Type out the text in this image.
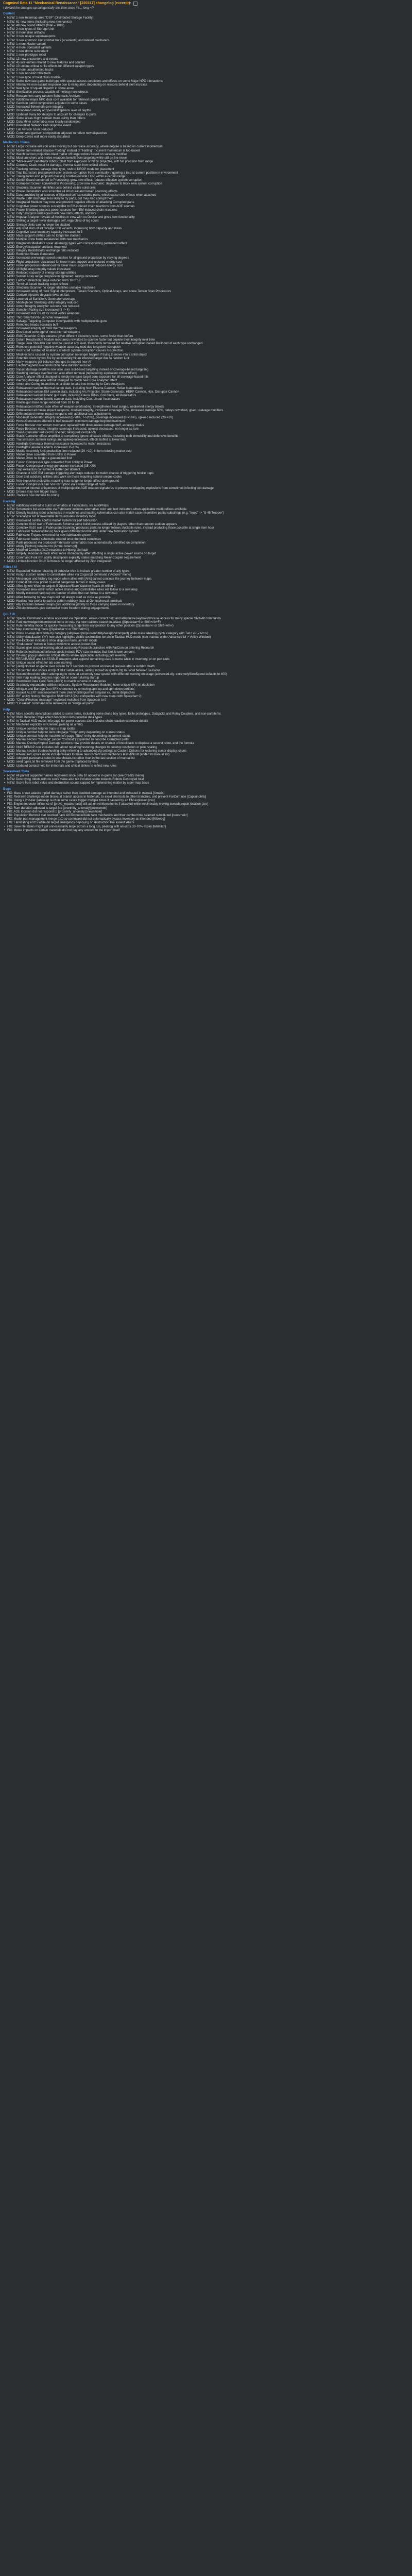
Cogmind Beta 11 "Mechanical Renaissance" [220317] changelog (excerpt):
I divided the changes up categorically this time since it's... long =P
Content
• NEW: 1 new Intermap area "DSF" (Distributed Storage Facility)
• NEW: 61 new items (including new mechanics)
• NEW: 49 new sound effects (total = 1086)
• NEW: 2 new types of Storage Unit
• NEW: 8 more alien artifacts
• NEW: 3 new unique superweapons
• NEW: 3 new common Unit combat bots (4 variants) and related mechanics
• NEW: 1 more Hauler variant
• NEW: 4 more Specialist variants
• NEW: 1 new drone subvariant
• NEW: 1 new prototype robot
• NEW: 13 new encounters and events
• NEW: 45 lore entries related to new features and content
• NEW: 10 unique critical strike effects for different weapon types
• NEW: 3 more unauthorized hacks
• NEW: 1 new non-NP robot hack
• NEW: 1 new type of build class modifier
• NEW: Some new late-game build type with special access conditions and effects on some Major NPC interactions
• NEW: Alternative non-assault response due to rising alert, depending on reasons behind alert increase
• NEW: New type of squad dispatch in some areas
• NEW: Sterilization process capable of melting more objects
• NEW: Researchers carry random Schematic Archives
• NEW: Additional major NPC data core available for retrieval (special effect)
• NEW: Garrison patrol composition adjusted in some cases
• MOD: Increased Behemoth core integrity
• MOD: Broadened variety of Specialist spawns over all depths
• MOD: Updated many bot designs to account for changes to parts
• MOD: Some areas might contain more quirky than others
• MOD: Data Miner schematics now locally randomized
• MOD: Reworked Network Hub response event
• MOD: Lab version count reduced
• MOD: Command garrison composition adjusted to reflect new dispatches
• MOD: Deep Caves wall more easily disturbed
Mechanics / Items
• NEW: Large increase evasion while moving but decrease accuracy, where degree is based on current momentum
• NEW: Momentum-related shadow-"footing" instead of "Halting" if current momentum is top-based
• NEW: Watch cannon projectiles blast matter off target robots based on salvage modifier
• NEW: Most launchers and melee weapons benefit from targeting while still on the move
• NEW: "Mini-reveal" penetrator robots, blast from explosion or hit by projectile, with full precision from range
• NEW: Corrode, Crash-reset hit damage, thermal stack from critical effects
• NEW: Tracking remove, salvage drop type, rush to DROP mode for placement
• NEW: Trap Extractors plus prevent-user system corruption from eventually triggering a trap at current position in environment
• NEW: Triangulation also pinpoints tracking hostiles outside FOV, within a certain range
• NEW: Gunlet Guard converted to Processing; grow new effect: reduces effective system corruption
• NEW: Corruption Screen converted to Processing; grow new mechanic: degrades to block new system corruption
• NEW: Structural Scanner identifies cells behind visible solid cells
• NEW: Phase Generators also scramble all structural and terrain scanning effects
• NEW: Data provided by all sources of hijacked self-cancelable parts, which cause side effects when attached
• NEW: Waste EMP discharge less likely to fry parts, but may also corrupt them
• NEW: Integrated Medium may now also prevent negative effects of attacking Corrupted parts
• NEW: Cognitive power sources susceptible to EM-induced chain reactions from AOE sources
• NEW: Power Shielding protects power sources from EM-induced chain reactions
• NEW: Dirty Shotguns redesigned with new stats, effects, and lore
• NEW: Hopular Analyzer reveals all hostiles in view with no Device and gives new functionality
• MOD: Striking a target never damages self, regardless of leg count
• MOD: Storage Units can no longer be stacked
• MOD: Adjusted stats of all Storage Unit variants, increasing both capacity and mass
• MOD: Cognitive base inventory capacity increased to 5
• MOD: Mass support utilities can no longer be stacked
• MOD: Multiple Crew Items rebalanced with new mechanics
• MOD: Integration Mediators cover all energy types with corresponding permanent effect
• MOD: Energy/dissipation artifacts reworked
• MOD: Integrity Redistributor exchange ratio reduced
• MOD: Removed Shade Generator
• MOD: Increased overweight speed penalties for all ground propulsion by varying degrees
• MOD: Flight propulsion rebalanced for lower mass support and reduced energy cost
• MOD: Hover propulsion rebalanced for lower mass support and reduced energy cost
• MOD: All flight array integrity values increased
• MOD: Reduced capacity of energy storage utilities
• MOD: Sensor Array range progression tightened, ratings increased
• MOD: FarCom detection range reduced from 10 to 18
• MOD: Terminal-based tracking scope refined
• MOD: Structural Scanner no longer identifies unstable machines
• MOD: Increased rating of most Signal Interpreters, Terrain Scanners, Optical Arrays, and some Terrain Scan Processors
• MOD: Coolant Injectors degrade twice as fast
• MOD: Lowered all Sanitizer's Generator coverage
• MOD: Mid/high-tier Shielding utility integrity reduced
• MOD: Armor Integrity Analyzer success rate reduced
• MOD: Sampler Plating size increased (3 -> 4)
• MOD: Increased shot count for most vortex weapons
• MOD: TNC SmartBomb Launcher weakened
• MOD: Salvage Targeting Computer incompatible with multiprojectile guns
• MOD: Removed treads accuracy buff
• MOD: Increased integrity of most thermal weapons
• MOD: Decreased coverage of most thermal weapons
• MOD: EMX Decorder Chips variants given different discovery rates, some faster than before
• MOD: Datum Reactivation Module mechanics reworked to operate faster but deplete their integrity over time
• MOD: Triage Data Shoulder can now be used at any level, thresholds removed but relative corruption-based likelihood of each type unchanged
• MOD: Removed potential negative weapon accuracy mod due to system corruption
• MOD: Restricted number of locations at which system corruption causes misdirection
• MOD: Misdirections caused by system corruption no longer happen if trying to move into a solid object
• MOD: Potential shots by two fire by accidentally hit an intended target due to random luck
• MOD: Many weapons got balance changes to support new AI
• MOD: Electromagnetic Reconstruction base duration reduced
• MOD: Impact damage overflow now also uses slot-based targeting instead of coverage-based targeting
• MOD: Slashing damage overflow can also affect removal (replaced by equivalent critical effect)
• MOD: Core Analyzer effect changed to simply increase target core exposure for all coverage-based hits
• MOD: Piercing damage also without changed to match new Core Analyzer effect
• MOD: Armor and Coring Intensities on a slider to take into immunity to Core Analyzers
• MOD: Rebalanced various thermal canon stats, including Nuv, Plasma Cannon, Heliax Neutralizers
• MOD: Rebalanced various EM cannon stats, including Arc Projector, Storm Generator, HERF Cannon, Hpx. Disruptor Cannon
• MOD: Rebalanced various kinetic gun stats, including Gauss Rifles, Coil Guns, kill Penetrators
• MOD: Rebalanced various kinetic cannon stats, including Con. Linear Accelerators
• MOD: Kinetic gun base range reduced from 18 to 16
• MOD: Rebalanced midfloor side effect of weapon overloading, strengthened heat surges, weakened energy bleeds
• MOD: Rebalanced all melee impact weapons, doubled integrity, increased coverage 50%, increased damage 50%, delays reworked, given ~salvage modifiers
• MOD: Differentiated melee impact weapons with additional stat adjustments
• MOD: Mod-built Generator Integrity increased (8->8%, 7->20%), coverage increased (8->16%), upkeep reduced (20->10)
• MOD: Hover/Generators attuned to buff research minimum damage beyond maximum
• MOD: Force Booster momentum mechanic replaced with direct melee damage buff, accuracy malus
• MOD: Force Boosters mass, integrity, coverage increased, upkeep decreased, no longer as rare
• MOD: Stasis Canceller reduced to one tier; rating reduced (4->3)
• MOD: Stasis Canceller effect amplified to completely ignore all stasis effects, including both immobility and defensive benefits
• MOD: Transmission Jammer ratings and upkeep increased, effects buffed at lower tiers
• MOD: Hardlight Generator thermal resistance increased to match resistance
• MOD: Hardlight Generator effects increased 15-16%
• MOD: Mobile Assembly Unit production time reduced (20->10), in turn reducing matter cost
• MOD: Matter Drive converted from Utility to Power
• MOD: Matter Drive no longer a guaranteed find
• MOD: Fusion Compressor type converted from Utility to Power
• MOD: Fusion Compressor energy generation increased (15->20)
• MOD: Trap extraction consumes 4 matter per attempt
• MOD: Chance of AOE EM damage triggering alert traps reduced to match chance of triggering hostile traps
• MOD: Door and subduing utilities also work on those requiring natural unique codes
• MOD: Non-explosive projectiles reaching max range no longer affect open ground
• MOD: Fusion Compressor can now corruption via a wider range of hubs
• MOD: Improved internal uniqueness of multiprojectile AOE weapon signatures to prevent overlapping explosions from sometimes infecting two damage
• MOD: Drones may now trigger traps
• MOD: Trackers now immune to coring
Hacking
• NEW: Additional method to build schematics at Fabricators, via AutoPhilps
• NEW: Schematics list accessible via Fabricator includes alternative color and text indicators when applicable multiprefixes available
• NEW: Directly hacking robot schematics in machines and loading schematics can also match case-insensitive partial substrings (e.g. "troop" -> "S-45 Trooper")
• NEW: Scanalyzer list of inventable items includes inventory topic
• MOD: Renovated central control matter system for part fabrication
• MOD: Complex 0b10 war of Fabricators Schema same build process utilized by players rather than random sudden appears
• MOD: Complex 0b10 war of Fabricators/Scanning produces parts no longer follows stockpile rules, instead producing those possible at single item hour
• MOD: Fabricator Network(Status) hack given different functionality under new fabrication system
• MOD: Fabricator Trojans reworked for new fabrication system
• MOD: Fabricator loaded schematic cleared once the build completes
• MOD: Parts produced via produced Fabricator schematics now automatically identified on completion
• MOD: Ability [Siphon] renamed to [Ammo Interrupt]
• MOD: Modified Complex 0b10 response to Hipergrain hack
• MOD: simplify_resonance hack effect more immediately after affecting a single active power source on target
• MOD: Command Fork RIF ability description explicitly states matching Relay Coupler requirement
• MOD: Limited-function 0b10 Terminals no longer affected by Zion integration
Allies / AI
• NEW: Expanded Haloner chasing AI behavior trick to include greater number of ally types
• NEW: Assign custom names to controllable allies via Cogscript command ("Actions" menu)
• NEW: Messenger and history log report when allies with [Ahk] cannot continue the journey between maps
• MOD: Combat bits now prefer to avoid dangerous terrain in many cases
• MOD: Allies ignore Watcher targets if Operator/Scan Watcher heads tilt within 2
• MOD: Increased area within which active drones and controllable allies will follow to a new map
• MOD: Modify mirrored hard cap on number of allies that can follow to a new map
• MOD: Allies following to new maps will not always start as close as possible
• MOD: Haulers now prefer to path to pattern robbery facts at Genosphercal terminals
• MOD: Ally transfers between maps give additional priority to those carrying items in inventory
• MOD: Zhirelo followers give somewhat more freedom during engagements
QoL / UI
• NEW: Special Commands window accessed via Operation, allows correct help and alternative keyboard/mouse access for many special Shift-Alt commands
• NEW: Part knowledge/remembered items on map via new realtime search interface ([Spacebar+f or Shift+Alt+F)
• NEW: Ruler overlay mode for quickly measuring range from any position to any other position ([Spacebar+r or Shift+Alt+r)
• NEW: Map commenting mode ([Spacebar+c or Shift+Alt+C)
• NEW: Prime co-map item table by category (all/power/propulsion/utility/weapon/compact) while mass labeling (cycle category with Tab \ <- \ / Alt+>)
• NEW: Utility visualization ("v") now also highlights visible destructible terrain in Tactical HUD mode (see manual under Advanced UI > Volley Window)
• NEW: Pre-Exploder indicators show disposal mass, as with robots
• NEW: "Endurance" button in Status window to access known Bot
• NEW: Scales give second warning about accessing Research branches with FarCom on entering Research
• NEW: Refurbished/hotspot/defense labels include FOV size includes that look known amount
• NEW: On-map popup labels for critical effects where applicable, including part severing
• NEW: REPAIRABLE and UNSTABLE weapons also append remaining uses to name while in inventory, or on part slots
• NEW: Unique sound effect for lab core warning
• NEW: [Jam] blocked on game over screen for 3 seconds to prevent accidental presses after a sudden death
• NEW: F9 counter also shows at top of HUD while active, setting moved in system.cfg to recall between sessions
• NEW: Second threshold when attempting to move at extremely slow speed, with different warning message (advanced.cfg: extremelySlowSpeed defaults to 400)
• NEW: Intel map loading progress reported on screen during startup
• MOD: Reordered Data Core Slots (4/0/1) to match scheme of categories
• MOD: Gradually expandable utilities (Injectors, System Restoration Modules) have unique SFX on depletion
• MOD: Minigun and Barrage Gun SFX shortened by removing spin-up and spin-down portions
• MOD: Assault ALERT announcement more clearly distinguishes singular vs. plural dispatches
• MOD: RIF ability history changed to Shift+Alt+J (also compatible with new menu with Spacebar+J)
• MOD: "Clean/Previous message" keyboard switched from Spacebar to 0
• MOD: "Go raked" command now referred to as "Purge all parts"
Help
• NEW: More specific descriptions added to some items, including some drone bay types, Exile prototypes, Datajacks and Relay Couplers, and non-part items
• NEW: 0b10 Decoder Chips effect description lists potential data types
• NEW: In Tactical HUD mode, info page for power sources also includes chain reaction explosive details
• NEW: Machines explicitly list Generic (aiming as a hint)
• MOD: Unique combat help for traps in map tooltip
• MOD: Unique combat help for item info page "Stop" entry depending on current status
• MOD: Unique combat help for machine info page "Stop" entry depending on current status
• MOD: Manual section "Salvage" (under "Combat") expanded to describe Corrupted parts
• MOD: Manual Overlay/Impact Damage sections now provide details on chance of knockback to displace a second robot, and the formula
• MOD: 0b10 REMAP now includes info about repairing/restoring changes to desktop resolution or pixel scaling
• MOD: Manual section troubleshooting entry referring to advanced.cfg settings at Custom Options for restoring cursor display issues
• MOD: Adventure/Explore mode include tweaks to make new content and mechanics less difficult (added to manual list)
• MOD: Add post-panorama notes in searchstats.txt rather than in the last section of manual.txt
• MOD: seed types.txt file removed from the game (replaced by this)
• MOD: Updated contact help for Immortals and critical strikes to reflect new rules
Scoresheet / Data
• NEW: All parent supporter names registered since Beta 10 added to in-game list (see Credits menu)
• NEW: Destroying robots with no score value also not includes score towards Robots Destroyed total
• NEW: Score from robot value and destruction counts capped for replenishing matter by a per-map basis
Bugs
• FIX: Mass sneak attacks tripled damage rather than doubled damage as intended and indicated in manual [Amaris]
• FIX: Redrawn challenge-mode blocks at branch access in Materials, to avoid shortcuts to other branches, and prevent FarCom use [Captainohltu]
• FIX: Using a 2nd-tier gatekeep such in some cases trigger multiple times if caused by an EM explosion [zsv]
• FIX: Engineers under influence of [prove_repairs hack] still act on reinforcements if attacked while invulnerably moving towards repair location [zsv]
• FIX: Ram duration adjusted to target fire [proximity_anomaly] [newsmokr]
• FIX: AOE location did not respond to [proximity_anomaly] [newsmokr]
• FIX: Population Burnout stat counted hack kill did not include face mechanics and their combat time seamed substituted [newsmokr]
• FIX: Model part management merge (t)Crop command did not automatically bypass inventory as intended [Kilowog]
• FIX: Fabricating ARCs while on target emergency deploying on destruction like assault ARCs
• FIX: Save file states might get unnecessarily large across a long run, peaking with an extra 30-70% expiry [tehmilan]
• FIX: Melee impacts on certain materials did not pay any amount to the import itself
